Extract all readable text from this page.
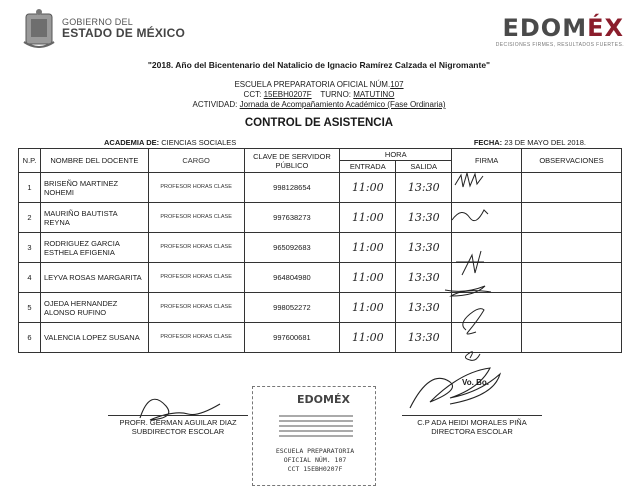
GOBIERNO DEL
ESTADO DE MÉXICO	EDOMÉX
DECISIONES FIRMES, RESULTADOS FUERTES.
"2018. Año del Bicentenario del Natalicio de Ignacio Ramírez Calzada el Nigromante"
ESCUELA PREPARATORIA OFICIAL NÚM.107
CCT: 15EBH0207F TURNO: MATUTINO
ACTIVIDAD: Jornada de Acompañamiento Académico (Fase Ordinaria)
CONTROL DE ASISTENCIA
ACADEMIA DE: CIENCIAS SOCIALES	FECHA: 23 DE MAYO DEL 2018.
N.P.	NOMBRE DEL DOCENTE	CARGO	CLAVE DE SERVIDOR PÚBLICO	HORA		FIRMA	OBSERVACIONES
				ENTRADA	SALIDA		
1	BRISEÑO MARTINEZ NOHEMI	PROFESOR HORAS CLASE	998128654	11:00	13:30		
2	MAURIÑO BAUTISTA REYNA	PROFESOR HORAS CLASE	997638273	11:00	13:30		
3	RODRIGUEZ GARCIA ESTHELA EFIGENIA	PROFESOR HORAS CLASE	965092683	11:00	13:30		
4	LEYVA ROSAS MARGARITA	PROFESOR HORAS CLASE	964804980	11:00	13:30		
5	OJEDA HERNANDEZ ALONSO RUFINO	PROFESOR HORAS CLASE	998052272	11:00	13:30		
6	VALENCIA LOPEZ SUSANA	PROFESOR HORAS CLASE	997600681	11:00	13:30		
Vo. Bo.
PROFR. GERMAN AGUILAR DIAZ
SUBDIRECTOR ESCOLAR
EDOMÉX
ESCUELA PREPARATORIA
OFICIAL NÚM. 107
CCT 15EBH0207F
C.P ADA HEIDI MORALES PIÑA
DIRECTORA ESCOLAR
